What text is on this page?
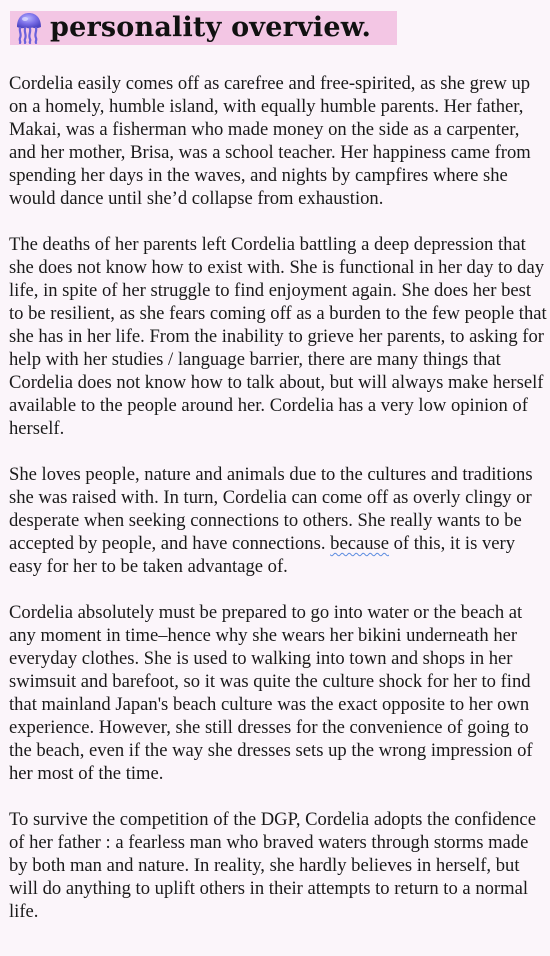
personality overview.

Cordelia easily comes off as carefree and free-spirited, as she grew up on a homely, humble island, with equally humble parents. Her father, Makai, was a fisherman who made money on the side as a carpenter, and her mother, Brisa, was a school teacher. Her happiness came from spending her days in the waves, and nights by campfires where she would dance until she’d collapse from exhaustion.

The deaths of her parents left Cordelia battling a deep depression that she does not know how to exist with. She is functional in her day to day life, in spite of her struggle to find enjoyment again. She does her best to be resilient, as she fears coming off as a burden to the few people that she has in her life. From the inability to grieve her parents, to asking for help with her studies / language barrier, there are many things that Cordelia does not know how to talk about, but will always make herself available to the people around her. Cordelia has a very low opinion of herself.

She loves people, nature and animals due to the cultures and traditions she was raised with. In turn, Cordelia can come off as overly clingy or desperate when seeking connections to others. She really wants to be accepted by people, and have connections. because of this, it is very easy for her to be taken advantage of.

Cordelia absolutely must be prepared to go into water or the beach at any moment in time–hence why she wears her bikini underneath her everyday clothes. She is used to walking into town and shops in her swimsuit and barefoot, so it was quite the culture shock for her to find that mainland Japan's beach culture was the exact opposite to her own experience. However, she still dresses for the convenience of going to the beach, even if the way she dresses sets up the wrong impression of her most of the time.

To survive the competition of the DGP, Cordelia adopts the confidence of her father : a fearless man who braved waters through storms made by both man and nature. In reality, she hardly believes in herself, but will do anything to uplift others in their attempts to return to a normal life.
